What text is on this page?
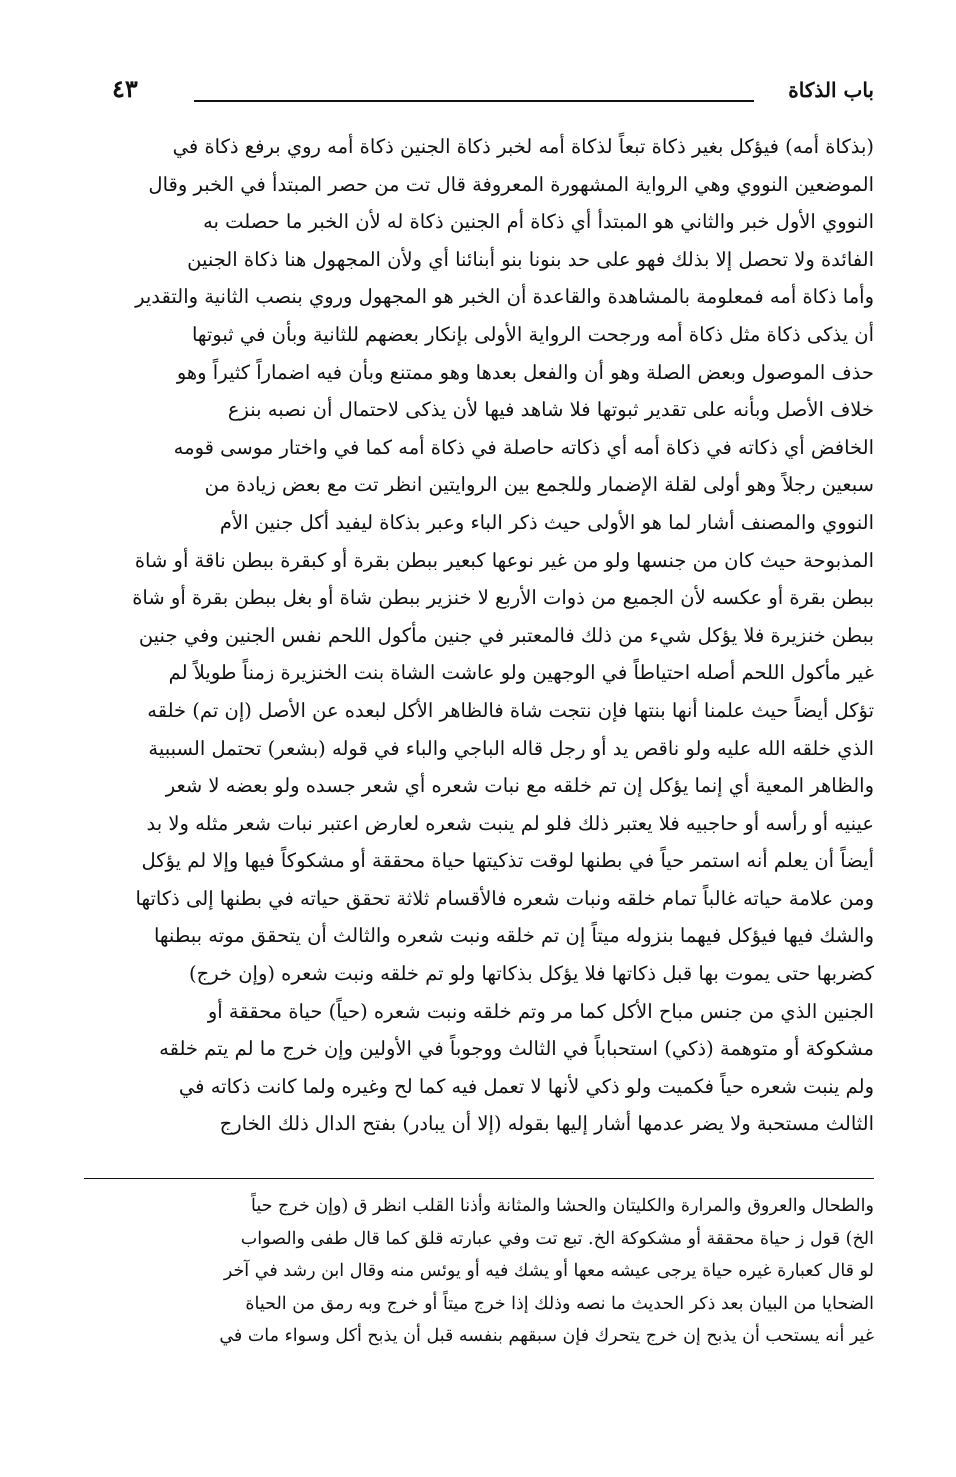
باب الذكاة
٤٣
(بذكاة أمه) فيؤكل بغير ذكاة تبعاً لذكاة أمه لخبر ذكاة الجنين ذكاة أمه روي برفع ذكاة في
الموضعين النووي وهي الرواية المشهورة المعروفة قال تت من حصر المبتدأ في الخبر وقال
النووي الأول خبر والثاني هو المبتدأ أي ذكاة أم الجنين ذكاة له لأن الخبر ما حصلت به
الفائدة ولا تحصل إلا بذلك فهو على حد بنونا بنو أبنائنا أي ولأن المجهول هنا ذكاة الجنين
وأما ذكاة أمه فمعلومة بالمشاهدة والقاعدة أن الخبر هو المجهول وروي بنصب الثانية والتقدير
أن يذكى ذكاة مثل ذكاة أمه ورجحت الرواية الأولى بإنكار بعضهم للثانية وبأن في ثبوتها
حذف الموصول وبعض الصلة وهو أن والفعل بعدها وهو ممتنع وبأن فيه اضماراً كثيراً وهو
خلاف الأصل وبأنه على تقدير ثبوتها فلا شاهد فيها لأن يذكى لاحتمال أن نصبه بنزع
الخافض أي ذكاته في ذكاة أمه أي ذكاته حاصلة في ذكاة أمه كما في واختار موسى قومه
سبعين رجلاً وهو أولى لقلة الإضمار وللجمع بين الروايتين انظر تت مع بعض زيادة من
النووي والمصنف أشار لما هو الأولى حيث ذكر الباء وعبر بذكاة ليفيد أكل جنين الأم
المذبوحة حيث كان من جنسها ولو من غير نوعها كبعير ببطن بقرة أو كبقرة ببطن ناقة أو شاة
ببطن بقرة أو عكسه لأن الجميع من ذوات الأربع لا خنزير ببطن شاة أو بغل ببطن بقرة أو شاة
ببطن خنزيرة فلا يؤكل شيء من ذلك فالمعتبر في جنين مأكول اللحم نفس الجنين وفي جنين
غير مأكول اللحم أصله احتياطاً في الوجهين ولو عاشت الشاة بنت الخنزيرة زمناً طويلاً لم
تؤكل أيضاً حيث علمنا أنها بنتها فإن نتجت شاة فالظاهر الأكل لبعده عن الأصل (إن تم) خلقه
الذي خلقه الله عليه ولو ناقص يد أو رجل قاله الباجي والباء في قوله (بشعر) تحتمل السببية
والظاهر المعية أي إنما يؤكل إن تم خلقه مع نبات شعره أي شعر جسده ولو بعضه لا شعر
عينيه أو رأسه أو حاجبيه فلا يعتبر ذلك فلو لم ينبت شعره لعارض اعتبر نبات شعر مثله ولا بد
أيضاً أن يعلم أنه استمر حياً في بطنها لوقت تذكيتها حياة محققة أو مشكوكاً فيها وإلا لم يؤكل
ومن علامة حياته غالباً تمام خلقه ونبات شعره فالأقسام ثلاثة تحقق حياته في بطنها إلى ذكاتها
والشك فيها فيؤكل فيهما بنزوله ميتاً إن تم خلقه ونبت شعره والثالث أن يتحقق موته ببطنها
كضربها حتى يموت بها قبل ذكاتها فلا يؤكل بذكاتها ولو تم خلقه ونبت شعره (وإن خرج)
الجنين الذي من جنس مباح الأكل كما مر وتم خلقه ونبت شعره (حياً) حياة محققة أو
مشكوكة أو متوهمة (ذكي) استحباباً في الثالث ووجوباً في الأولين وإن خرج ما لم يتم خلقه
ولم ينبت شعره حياً فكميت ولو ذكي لأنها لا تعمل فيه كما لح وغيره ولما كانت ذكاته في
الثالث مستحبة ولا يضر عدمها أشار إليها بقوله (إلا أن يبادر) بفتح الدال ذلك الخارج
والطحال والعروق والمرارة والكليتان والحشا والمثانة وأذنا القلب انظر ق (وإن خرج حياً
الخ) قول ز حياة محققة أو مشكوكة الخ. تبع تت وفي عبارته قلق كما قال طفى والصواب
لو قال كعبارة غيره حياة يرجى عيشه معها أو يشك فيه أو يوئس منه وقال ابن رشد في آخر
الضحايا من البيان بعد ذكر الحديث ما نصه وذلك إذا خرج ميتاً أو خرج وبه رمق من الحياة
غير أنه يستحب أن يذبح إن خرج يتحرك فإن سبقهم بنفسه قبل أن يذبح أكل وسواء مات في
